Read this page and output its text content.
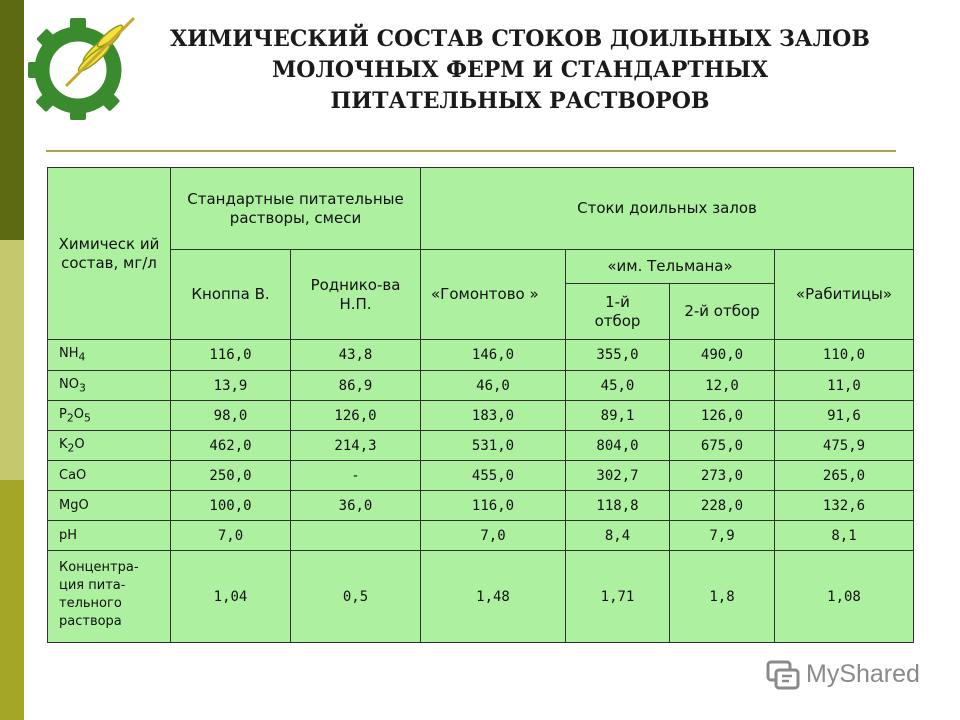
ХИМИЧЕСКИЙ СОСТАВ СТОКОВ ДОИЛЬНЫХ ЗАЛОВ
МОЛОЧНЫХ ФЕРМ И СТАНДАРТНЫХ
ПИТАТЕЛЬНЫХ РАСТВОРОВ
Химическ ий состав, мг/л	Стандартные питательные растворы, смеси		Стоки доильных залов			
	Кноппа В.	Роднико-ва Н.П.	«Гомонтово »	«им. Тельмана»		«Рабитицы»
				1-й отбор	2-й отбор	
$NH_4$	116,0	43,8	146,0	355,0	490,0	110,0
$NO_3$	13,9	86,9	46,0	45,0	12,0	11,0
$P_2O_5$	98,0	126,0	183,0	89,1	126,0	91,6
$K_2O$	462,0	214,3	531,0	804,0	675,0	475,9
CaO	250,0	-	455,0	302,7	273,0	265,0
MgO	100,0	36,0	116,0	118,8	228,0	132,6
pH	7,0		7,0	8,4	7,9	8,1

Концентра-
ция пита-
тельного
раствора	1,04	0,5	1,48	1,71	1,8	1,08
MyShared
